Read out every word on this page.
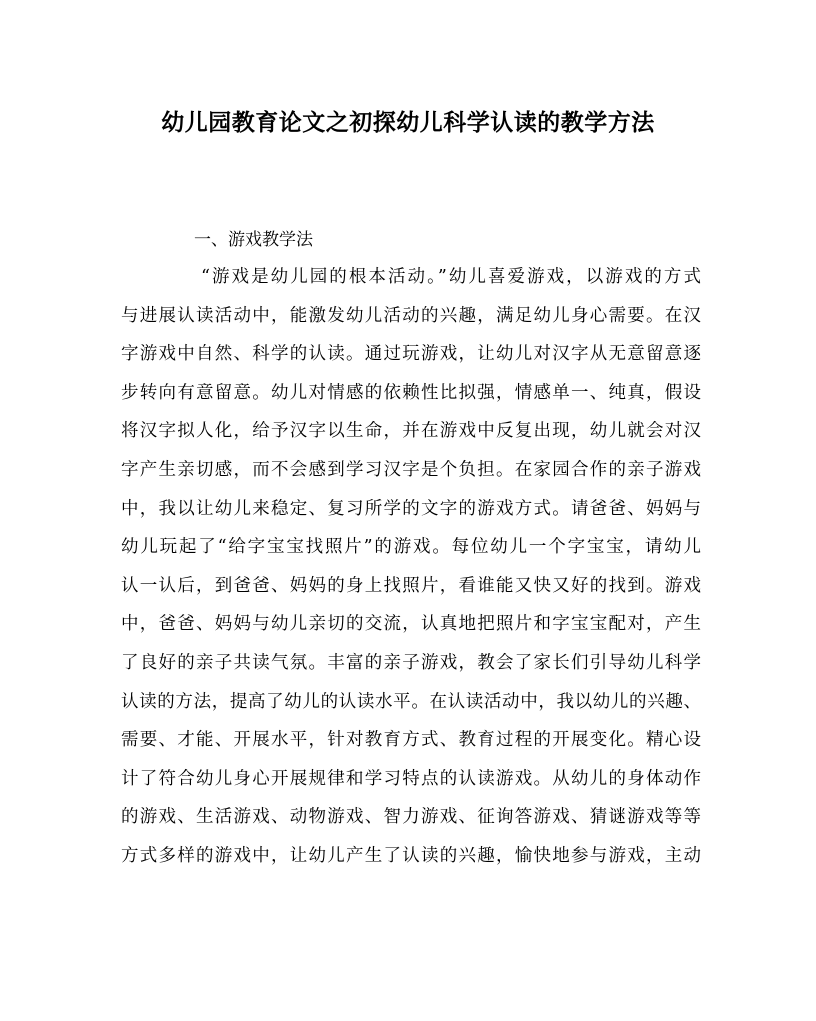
幼儿园教育论文之初探幼儿科学认读的教学方法
一、游戏教学法
“游戏是幼儿园的根本活动。”幼儿喜爱游戏，以游戏的方式
与进展认读活动中，能激发幼儿活动的兴趣，满足幼儿身心需要。在汉
字游戏中自然、科学的认读。通过玩游戏，让幼儿对汉字从无意留意逐
步转向有意留意。幼儿对情感的依赖性比拟强，情感单一、纯真，假设
将汉字拟人化，给予汉字以生命，并在游戏中反复出现，幼儿就会对汉
字产生亲切感，而不会感到学习汉字是个负担。在家园合作的亲子游戏
中，我以让幼儿来稳定、复习所学的文字的游戏方式。请爸爸、妈妈与
幼儿玩起了“给字宝宝找照片”的游戏。每位幼儿一个字宝宝，请幼儿
认一认后，到爸爸、妈妈的身上找照片，看谁能又快又好的找到。游戏
中，爸爸、妈妈与幼儿亲切的交流，认真地把照片和字宝宝配对，产生
了良好的亲子共读气氛。丰富的亲子游戏，教会了家长们引导幼儿科学
认读的方法，提高了幼儿的认读水平。在认读活动中，我以幼儿的兴趣、
需要、才能、开展水平，针对教育方式、教育过程的开展变化。精心设
计了符合幼儿身心开展规律和学习特点的认读游戏。从幼儿的身体动作
的游戏、生活游戏、动物游戏、智力游戏、征询答游戏、猜谜游戏等等
方式多样的游戏中，让幼儿产生了认读的兴趣，愉快地参与游戏，主动
